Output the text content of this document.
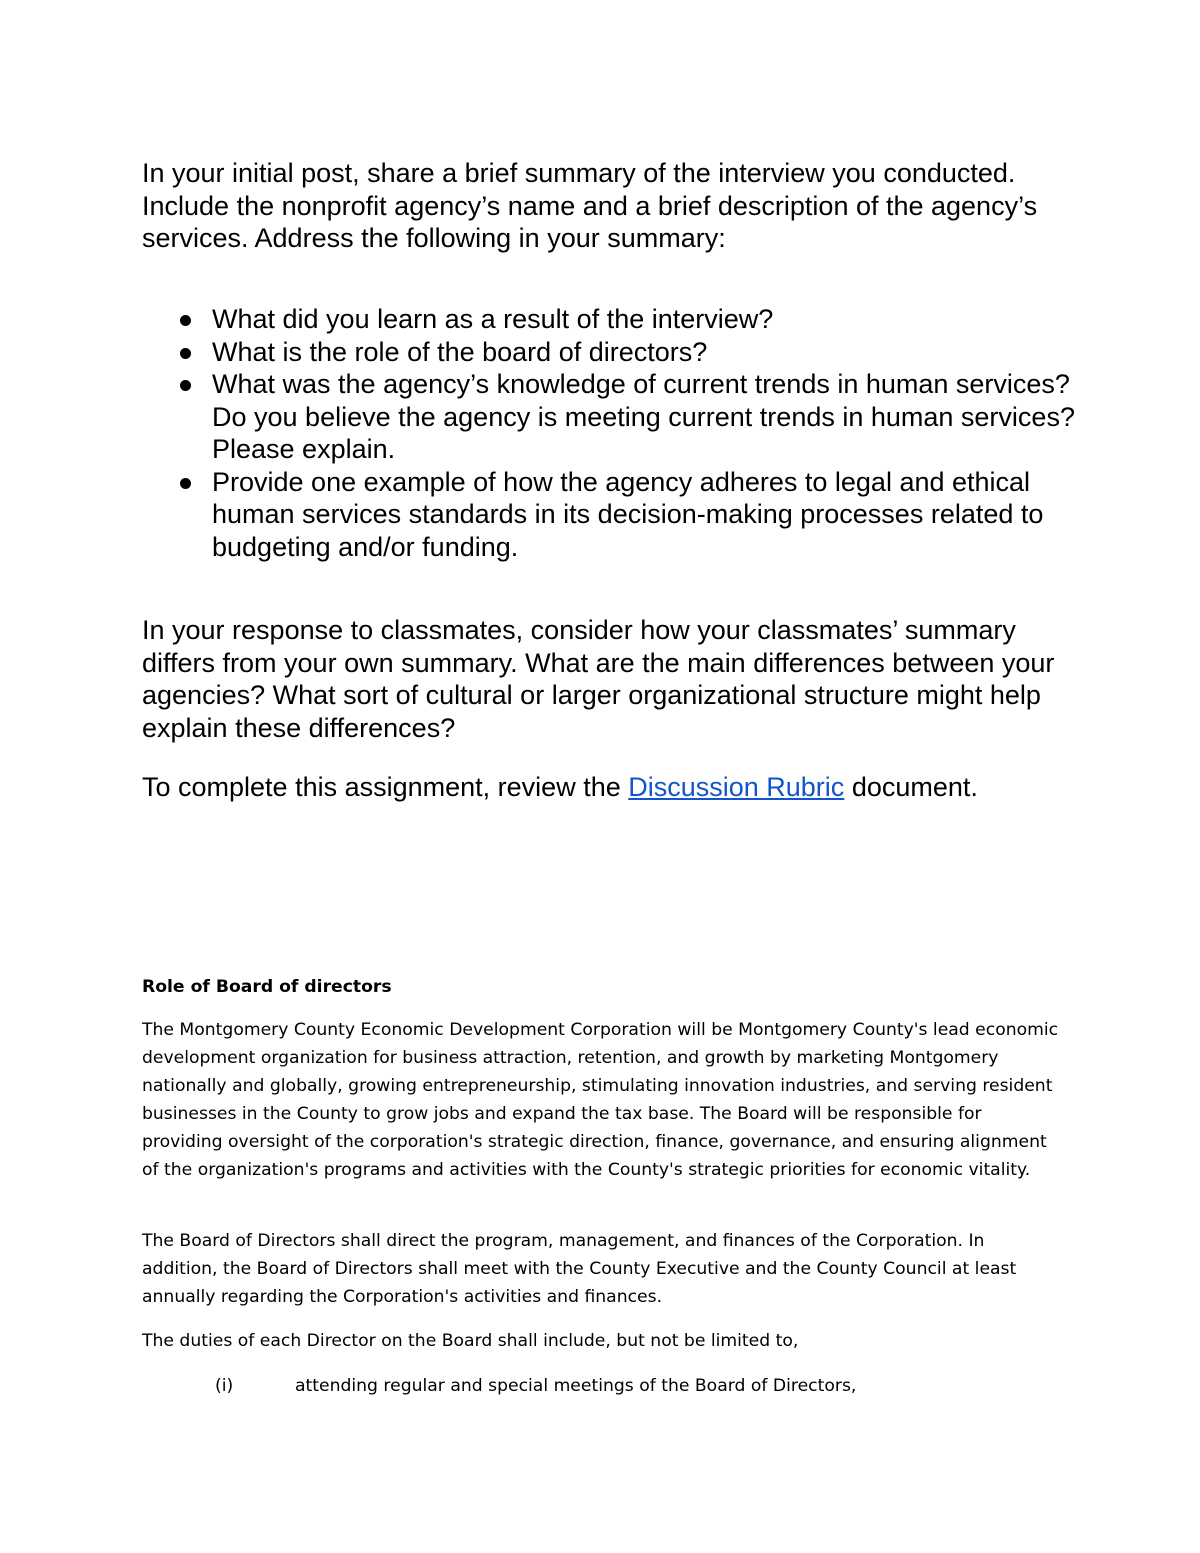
In your initial post, share a brief summary of the interview you conducted. Include the nonprofit agency’s name and a brief description of the agency’s services. Address the following in your summary:

What did you learn as a result of the interview?
What is the role of the board of directors?
What was the agency’s knowledge of current trends in human services? Do you believe the agency is meeting current trends in human services? Please explain.
Provide one example of how the agency adheres to legal and ethical human services standards in its decision-making processes related to budgeting and/or funding.

In your response to classmates, consider how your classmates’ summary differs from your own summary. What are the main differences between your agencies? What sort of cultural or larger organizational structure might help explain these differences?

To complete this assignment, review the Discussion Rubric document.

Role of Board of directors

The Montgomery County Economic Development Corporation will be Montgomery County's lead economic development organization for business attraction, retention, and growth by marketing Montgomery nationally and globally, growing entrepreneurship, stimulating innovation industries, and serving resident businesses in the County to grow jobs and expand the tax base. The Board will be responsible for providing oversight of the corporation's strategic direction, finance, governance, and ensuring alignment of the organization's programs and activities with the County's strategic priorities for economic vitality.

The Board of Directors shall direct the program, management, and finances of the Corporation. In addition, the Board of Directors shall meet with the County Executive and the County Council at least annually regarding the Corporation's activities and finances.

The duties of each Director on the Board shall include, but not be limited to,

(i)	attending regular and special meetings of the Board of Directors,
